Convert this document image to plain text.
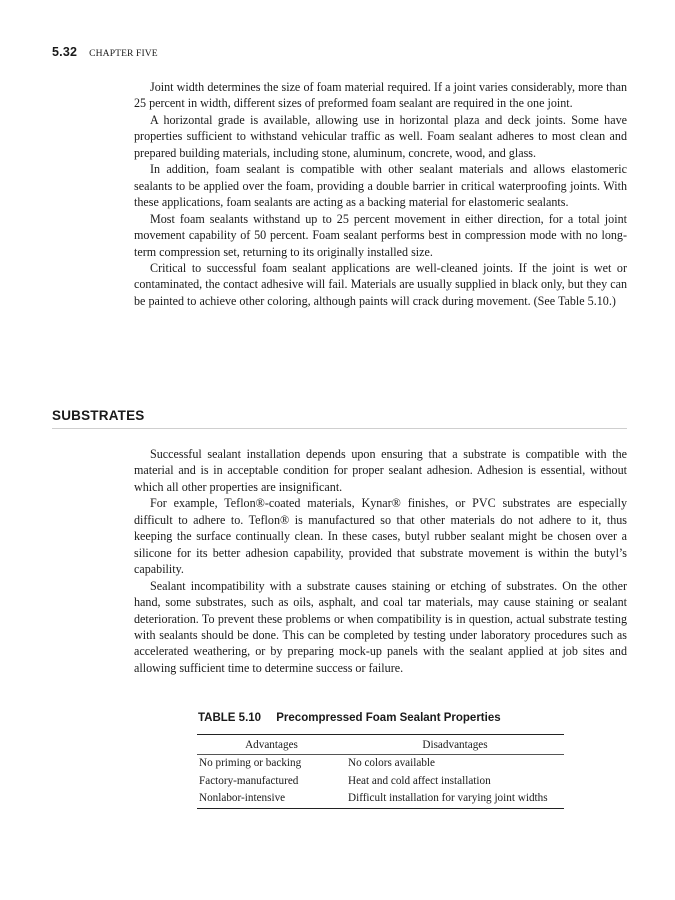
5.32 CHAPTER FIVE

Joint width determines the size of foam material required. If a joint varies considerably, more than 25 percent in width, different sizes of preformed foam sealant are required in the one joint.

A horizontal grade is available, allowing use in horizontal plaza and deck joints. Some have properties sufficient to withstand vehicular traffic as well. Foam sealant adheres to most clean and prepared building materials, including stone, aluminum, concrete, wood, and glass.

In addition, foam sealant is compatible with other sealant materials and allows elastomeric sealants to be applied over the foam, providing a double barrier in critical waterproofing joints. With these applications, foam sealants are acting as a backing material for elastomeric sealants.

Most foam sealants withstand up to 25 percent movement in either direction, for a total joint movement capability of 50 percent. Foam sealant performs best in compression mode with no long-term compression set, returning to its originally installed size.

Critical to successful foam sealant applications are well-cleaned joints. If the joint is wet or contaminated, the contact adhesive will fail. Materials are usually supplied in black only, but they can be painted to achieve other coloring, although paints will crack during movement. (See Table 5.10.)

SUBSTRATES

Successful sealant installation depends upon ensuring that a substrate is compatible with the material and is in acceptable condition for proper sealant adhesion. Adhesion is essential, without which all other properties are insignificant.

For example, Teflon®-coated materials, Kynar® finishes, or PVC substrates are especially difficult to adhere to. Teflon® is manufactured so that other materials do not adhere to it, thus keeping the surface continually clean. In these cases, butyl rubber sealant might be chosen over a silicone for its better adhesion capability, provided that substrate movement is within the butyl’s capability.

Sealant incompatibility with a substrate causes staining or etching of substrates. On the other hand, some substrates, such as oils, asphalt, and coal tar materials, may cause staining or sealant deterioration. To prevent these problems or when compatibility is in question, actual substrate testing with sealants should be done. This can be completed by testing under laboratory procedures such as accelerated weathering, or by preparing mock-up panels with the sealant applied at job sites and allowing sufficient time to determine success or failure.

TABLE 5.10 Precompressed Foam Sealant Properties
Advantages	Disadvantages
No priming or backing	No colors available
Factory-manufactured	Heat and cold affect installation
Nonlabor-intensive	Difficult installation for varying joint widths
